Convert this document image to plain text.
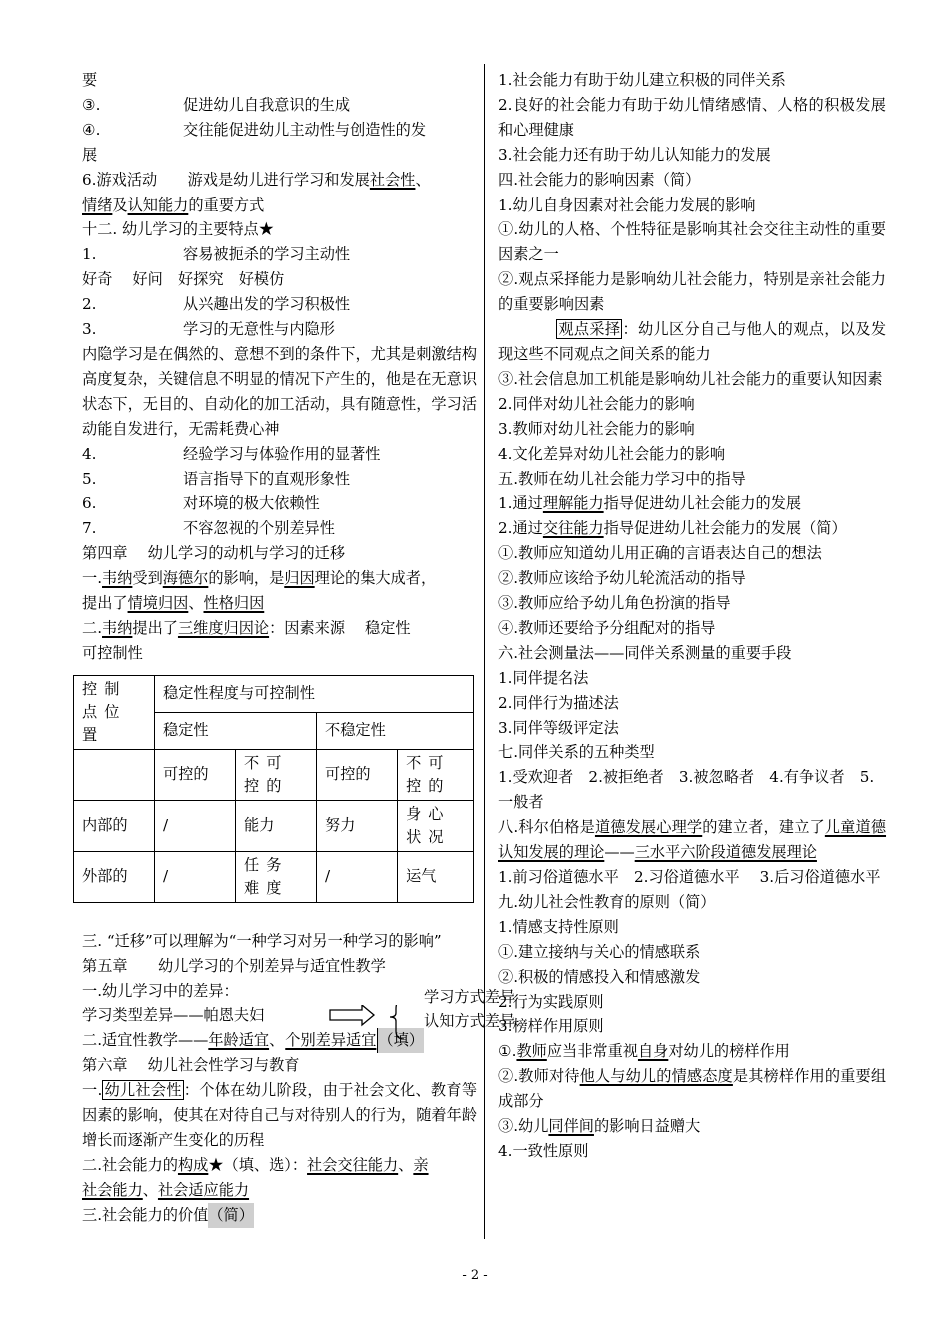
要
③.	促进幼儿自我意识的生成
④.	交往能促进幼儿主动性与创造性的发
展
6.游戏活动　　游戏是幼儿进行学习和发展 社会性 、
情绪 及 认知能力 的重要方式
十二. 幼儿学习的主要特点★
1.	容易被扼杀的学习主动性
好奇　 好问　好探究　好模仿
2.	从兴趣出发的学习积极性
3.	学习的无意性与内隐形
内隐学习是在偶然的、意想不到的条件下，尤其是刺激结构高度复杂，关键信息不明显的情况下产生的，他是在无意识状态下，无目的、自动化的加工活动，具有随意性，学习活动能自发进行，无需耗费心神
4.	经验学习与体验作用的显著性
5.	语言指导下的直观形象性
6.	对环境的极大依赖性
7.	不容忽视的个别差异性
第四章　 幼儿学习的动机与学习的迁移
一. 韦纳 受到 海德尔 的影响，是 归因 理论的集大成者，
提出了 情境归因 、 性格归因
二. 韦纳 提出了 三维度归因论 ：因素来源　 稳定性
可控制性
控制点位置	稳定性程度与可控制性			
	稳定性		不稳定性	
	可控的	不可控的	可控的	不可控的
内部的	/	能力	努力	身心状况
外部的	/	任务难度	/	运气
三. “迁移”可以理解为“一种学习对另一种学习的影响”
第五章　　幼儿学习的个别差异与适宜性教学
一.幼儿学习中的差异：
学习类型差异——帕恩夫妇
学习方式差异
认知方式差异
二.适宜性教学—— 年龄适宜 、 个别差异适宜 （填）
第六章　 幼儿社会性学习与教育
一. 幼儿社会性 ：个体在幼儿阶段，由于社会文化、教育等因素的影响，使其在对待自己与对待别人的行为，随着年龄增长而逐渐产生变化的历程
二.社会能力的 构成 ★（填、选）： 社会交往能力 、 亲
社会能力 、 社会适应能力
三.社会能力的价值 （简）
1.社会能力有助于幼儿建立积极的同伴关系
2.良好的社会能力有助于幼儿情绪感情、人格的积极发展和心理健康
3.社会能力还有助于幼儿认知能力的发展
四.社会能力的影响因素（简）
1.幼儿自身因素对社会能力发展的影响
①.幼儿的人格、个性特征是影响其社会交往主动性的重要因素之一
②.观点采择能力是影响幼儿社会能力，特别是亲社会能力的重要影响因素
观点采择 ：幼儿区分自己与他人的观点，以及发现这些不同观点之间关系的能力
③.社会信息加工机能是影响幼儿社会能力的重要认知因素
2.同伴对幼儿社会能力的影响
3.教师对幼儿社会能力的影响
4.文化差异对幼儿社会能力的影响
五.教师在幼儿社会能力学习中的指导
1.通过 理解能力 指导促进幼儿社会能力的发展
2.通过 交往能力 指导促进幼儿社会能力的发展（简）
①.教师应知道幼儿用正确的言语表达自己的想法
②.教师应该给予幼儿轮流活动的指导
③.教师应给予幼儿角色扮演的指导
④.教师还要给予分组配对的指导
六.社会测量法——同伴关系测量的重要手段
1.同伴提名法
2.同伴行为描述法
3.同伴等级评定法
七.同伴关系的五种类型
1.受欢迎者　2.被拒绝者　3.被忽略者　4.有争议者　5.一般者
八.科尔伯格是道德发展心理学的建立者，建立了儿童道德认知发展的理论——三水平六阶段道德发展理论
1.前习俗道德水平　2.习俗道德水平　 3.后习俗道德水平
九.幼儿社会性教育的原则（简）
1.情感支持性原则
①.建立接纳与关心的情感联系
②.积极的情感投入和情感激发
2.行为实践原则
3.榜样作用原则
①. 教师 应当非常重视 自身 对幼儿的榜样作用
②.教师对待他人与幼儿的情感态度是其榜样作用的重要组成部分
③.幼儿 同伴间 的影响日益赠大
4.一致性原则
- 2 -
